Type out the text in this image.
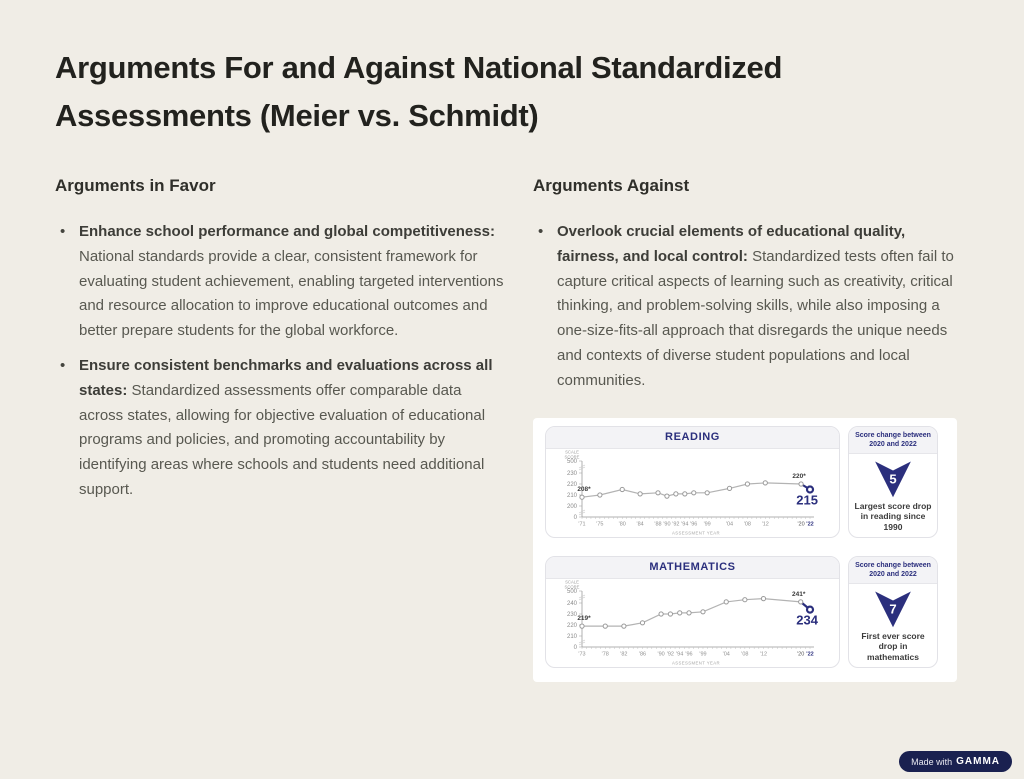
Arguments For and Against National Standardized Assessments (Meier vs. Schmidt)
Arguments in Favor
• Enhance school performance and global competitiveness: National standards provide a clear, consistent framework for evaluating student achievement, enabling targeted interventions and resource allocation to improve educational outcomes and better prepare students for the global workforce.
• Ensure consistent benchmarks and evaluations across all states: Standardized assessments offer comparable data across states, allowing for objective evaluation of educational programs and policies, and promoting accountability by identifying areas where schools and students need additional support.
Arguments Against
• Overlook crucial elements of educational quality, fairness, and local control: Standardized tests often fail to capture critical aspects of learning such as creativity, critical thinking, and problem-solving skills, while also imposing a one-size-fits-all approach that disregards the unique needs and contexts of diverse student populations and local communities.
READING
500
230
220
210
200
0
SCALE
SCORE
'71 '75	'80 '84 '88 '90 '92 '94 '96 '99	'04 '08 '12	'20 '22
ASSESSMENT YEAR
208*
220*
215
Score change between 2020 and 2022
5
Largest score drop in reading since 1990
MATHEMATICS
500
240
230
220
210
0
SCALE
SCORE
'73	'78 '82 '86 '90 '92 '94 '96 '99	'04 '08 '12	'20 '22
ASSESSMENT YEAR
219*
241*
234
Score change between 2020 and 2022
7
First ever score drop in mathematics
Made with GAMMA
